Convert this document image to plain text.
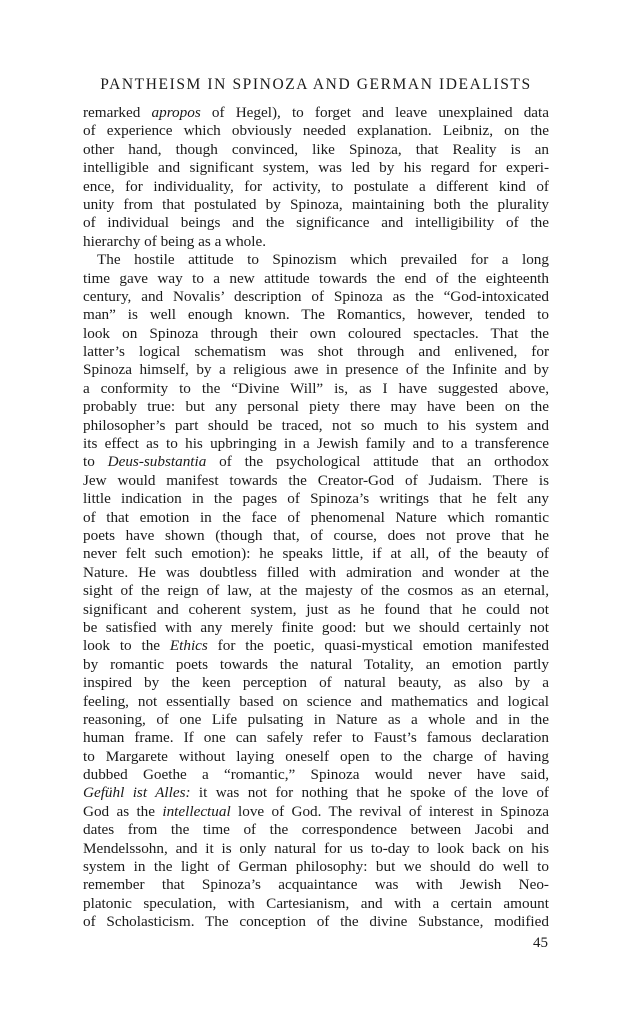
PANTHEISM IN SPINOZA AND GERMAN IDEALISTS
remarked apropos of Hegel), to forget and leave unexplained data
of experience which obviously needed explanation. Leibniz, on the
other hand, though convinced, like Spinoza, that Reality is an
intelligible and significant system, was led by his regard for experi-
ence, for individuality, for activity, to postulate a different kind of
unity from that postulated by Spinoza, maintaining both the plurality
of individual beings and the significance and intelligibility of the
hierarchy of being as a whole.
The hostile attitude to Spinozism which prevailed for a long
time gave way to a new attitude towards the end of the eighteenth
century, and Novalis’ description of Spinoza as the “God-intoxicated
man” is well enough known. The Romantics, however, tended to
look on Spinoza through their own coloured spectacles. That the
latter’s logical schematism was shot through and enlivened, for
Spinoza himself, by a religious awe in presence of the Infinite and by
a conformity to the “Divine Will” is, as I have suggested above,
probably true: but any personal piety there may have been on the
philosopher’s part should be traced, not so much to his system and
its effect as to his upbringing in a Jewish family and to a transference
to Deus-substantia of the psychological attitude that an orthodox
Jew would manifest towards the Creator-God of Judaism. There is
little indication in the pages of Spinoza’s writings that he felt any
of that emotion in the face of phenomenal Nature which romantic
poets have shown (though that, of course, does not prove that he
never felt such emotion): he speaks little, if at all, of the beauty of
Nature. He was doubtless filled with admiration and wonder at the
sight of the reign of law, at the majesty of the cosmos as an eternal,
significant and coherent system, just as he found that he could not
be satisfied with any merely finite good: but we should certainly not
look to the Ethics for the poetic, quasi-mystical emotion manifested
by romantic poets towards the natural Totality, an emotion partly
inspired by the keen perception of natural beauty, as also by a
feeling, not essentially based on science and mathematics and logical
reasoning, of one Life pulsating in Nature as a whole and in the
human frame. If one can safely refer to Faust’s famous declaration
to Margarete without laying oneself open to the charge of having
dubbed Goethe a “romantic,” Spinoza would never have said,
Gefühl ist Alles: it was not for nothing that he spoke of the love of
God as the intellectual love of God. The revival of interest in Spinoza
dates from the time of the correspondence between Jacobi and
Mendelssohn, and it is only natural for us to-day to look back on his
system in the light of German philosophy: but we should do well to
remember that Spinoza’s acquaintance was with Jewish Neo-
platonic speculation, with Cartesianism, and with a certain amount
of Scholasticism. The conception of the divine Substance, modified
45
